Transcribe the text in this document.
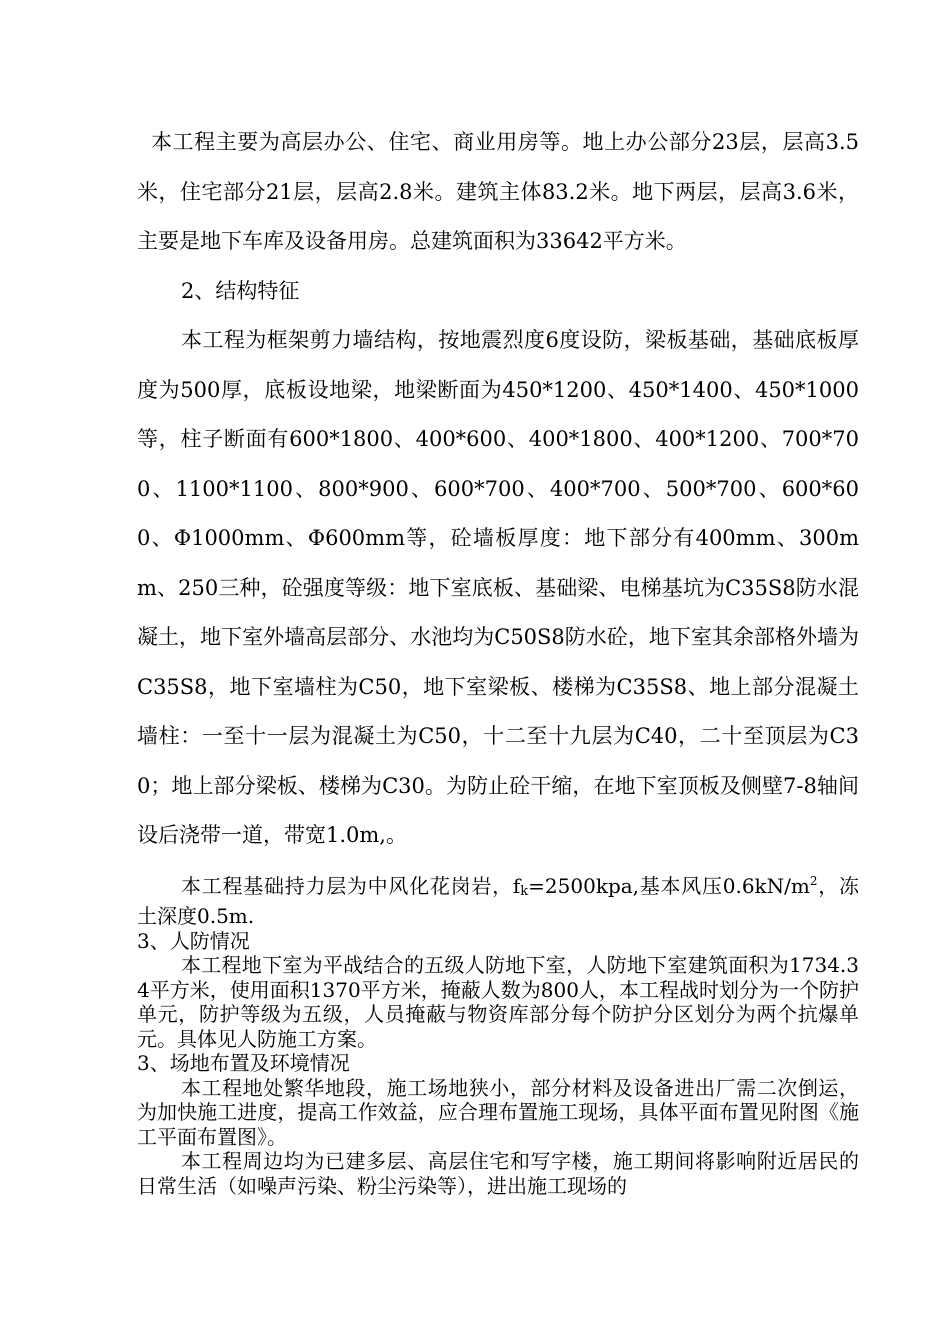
本工程主要为高层办公、住宅、商业用房等。地上办公部分23层，层高3.5米，住宅部分21层，层高2.8米。建筑主体83.2米。地下两层，层高3.6米，主要是地下车库及设备用房。总建筑面积为33642平方米。

2、结构特征

本工程为框架剪力墙结构，按地震烈度6度设防，梁板基础，基础底板厚度为500厚，底板设地梁，地梁断面为450*1200、450*1400、450*1000等，柱子断面有600*1800、400*600、400*1800、400*1200、700*700、1100*1100、800*900、600*700、400*700、500*700、600*600、Φ1000mm、Φ600mm等，砼墙板厚度：地下部分有400mm、300mm、250三种，砼强度等级：地下室底板、基础梁、电梯基坑为C35S8防水混凝土，地下室外墙高层部分、水池均为C50S8防水砼，地下室其余部格外墙为C35S8，地下室墙柱为C50，地下室梁板、楼梯为C35S8、地上部分混凝土墙柱：一至十一层为混凝土为C50，十二至十九层为C40，二十至顶层为C30；地上部分梁板、楼梯为C30。为防止砼干缩，在地下室顶板及侧壁7-8轴间设后浇带一道，带宽1.0m,。

本工程基础持力层为中风化花岗岩，fk=2500kpa,基本风压$0.6kN/m^2$，冻土深度0.5m.

3、人防情况

本工程地下室为平战结合的五级人防地下室，人防地下室建筑面积为1734.34平方米，使用面积1370平方米，掩蔽人数为800人，本工程战时划分为一个防护单元，防护等级为五级，人员掩蔽与物资库部分每个防护分区划分为两个抗爆单元。具体见人防施工方案。

3、场地布置及环境情况

本工程地处繁华地段，施工场地狭小，部分材料及设备进出厂需二次倒运，为加快施工进度，提高工作效益，应合理布置施工现场，具体平面布置见附图《施工平面布置图》。

本工程周边均为已建多层、高层住宅和写字楼，施工期间将影响附近居民的日常生活（如噪声污染、粉尘污染等），进出施工现场的
